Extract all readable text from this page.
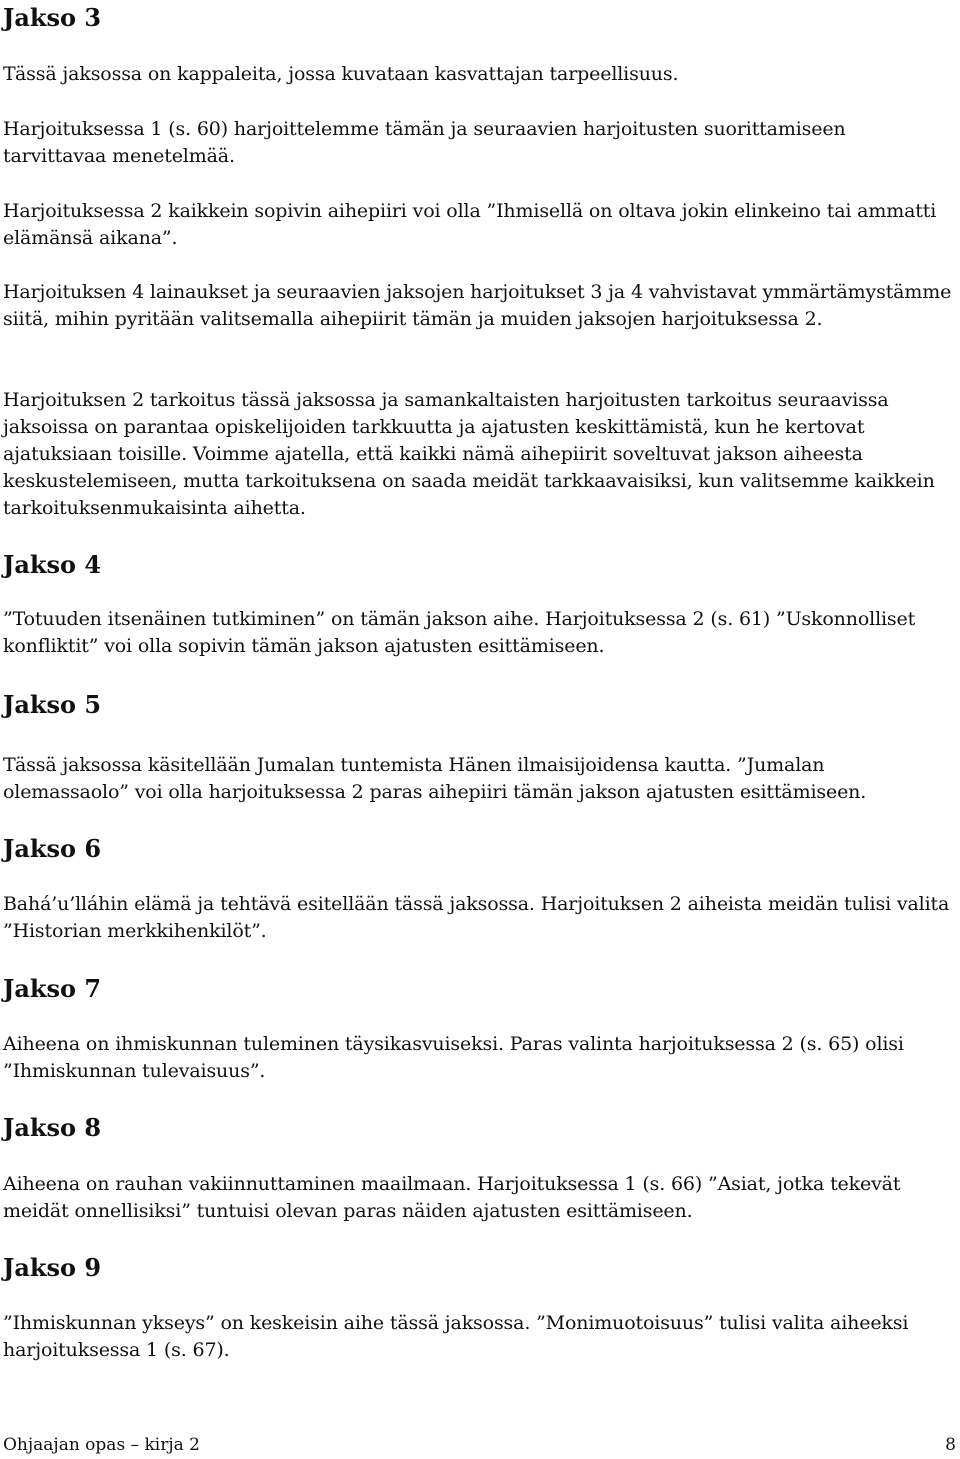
Jakso 3

Tässä jaksossa on kappaleita, jossa kuvataan kasvattajan tarpeellisuus.

Harjoituksessa 1 (s. 60) harjoittelemme tämän ja seuraavien harjoitusten suorittamiseen tarvittavaa menetelmää.

Harjoituksessa 2 kaikkein sopivin aihepiiri voi olla ”Ihmisellä on oltava jokin elinkeino tai ammatti elämänsä aikana”.

Harjoituksen 4 lainaukset ja seuraavien jaksojen harjoitukset 3 ja 4 vahvistavat ymmärtämystämme siitä, mihin pyritään valitsemalla aihepiirit tämän ja muiden jaksojen harjoituksessa 2.

Harjoituksen 2 tarkoitus tässä jaksossa ja samankaltaisten harjoitusten tarkoitus seuraavissa jaksoissa on parantaa opiskelijoiden tarkkuutta ja ajatusten keskittämistä, kun he kertovat ajatuksiaan toisille. Voimme ajatella, että kaikki nämä aihepiirit soveltuvat jakson aiheesta keskustelemiseen, mutta tarkoituksena on saada meidät tarkkaavaisiksi, kun valitsemme kaikkein tarkoituksenmukaisinta aihetta.

Jakso 4

”Totuuden itsenäinen tutkiminen” on tämän jakson aihe. Harjoituksessa 2 (s. 61) ”Uskonnolliset konfliktit” voi olla sopivin tämän jakson ajatusten esittämiseen.

Jakso 5

Tässä jaksossa käsitellään Jumalan tuntemista Hänen ilmaisijoidensa kautta. ”Jumalan olemassaolo” voi olla harjoituksessa 2 paras aihepiiri tämän jakson ajatusten esittämiseen.

Jakso 6

Bahá’u’lláhin elämä ja tehtävä esitellään tässä jaksossa. Harjoituksen 2 aiheista meidän tulisi valita ”Historian merkkihenkilöt”.

Jakso 7

Aiheena on ihmiskunnan tuleminen täysikasvuiseksi. Paras valinta harjoituksessa 2 (s. 65) olisi ”Ihmiskunnan tulevaisuus”.

Jakso 8

Aiheena on rauhan vakiinnuttaminen maailmaan. Harjoituksessa 1 (s. 66) ”Asiat, jotka tekevät meidät onnellisiksi” tuntuisi olevan paras näiden ajatusten esittämiseen.

Jakso 9

”Ihmiskunnan ykseys” on keskeisin aihe tässä jaksossa. ”Monimuotoisuus” tulisi valita aiheeksi harjoituksessa 1 (s. 67).

Ohjaajan opas – kirja 2	8
